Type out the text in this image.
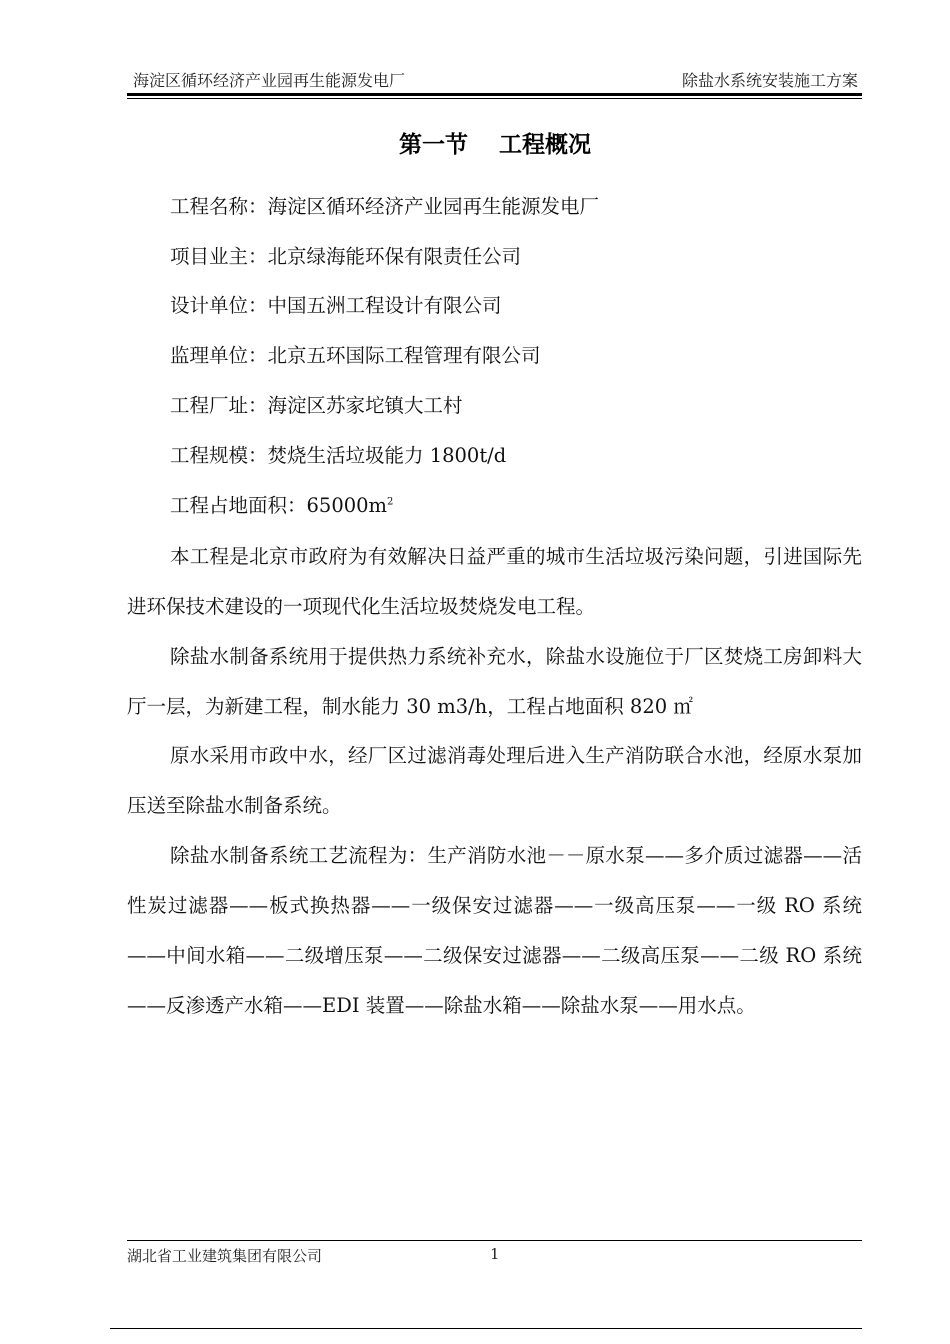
海淀区循环经济产业园再生能源发电厂	除盐水系统安装施工方案
第一节　 工程概况
工程名称：海淀区循环经济产业园再生能源发电厂
项目业主：北京绿海能环保有限责任公司
设计单位：中国五洲工程设计有限公司
监理单位：北京五环国际工程管理有限公司
工程厂址：海淀区苏家坨镇大工村
工程规模：焚烧生活垃圾能力 1800t/d
工程占地面积：$65000m^2$
本工程是北京市政府为有效解决日益严重的城市生活垃圾污染问题，引进国际先进环保技术建设的一项现代化生活垃圾焚烧发电工程。
除盐水制备系统用于提供热力系统补充水，除盐水设施位于厂区焚烧工房卸料大厅一层，为新建工程，制水能力 30 m3/h，工程占地面积 820 ㎡
原水采用市政中水，经厂区过滤消毒处理后进入生产消防联合水池，经原水泵加压送至除盐水制备系统。
除盐水制备系统工艺流程为：生产消防水池－－原水泵——多介质过滤器——活性炭过滤器——板式换热器——一级保安过滤器——一级高压泵——一级 RO 系统——中间水箱——二级增压泵——二级保安过滤器——二级高压泵——二级 RO 系统——反渗透产水箱——EDI 装置——除盐水箱——除盐水泵——用水点。
湖北省工业建筑集团有限公司	1
